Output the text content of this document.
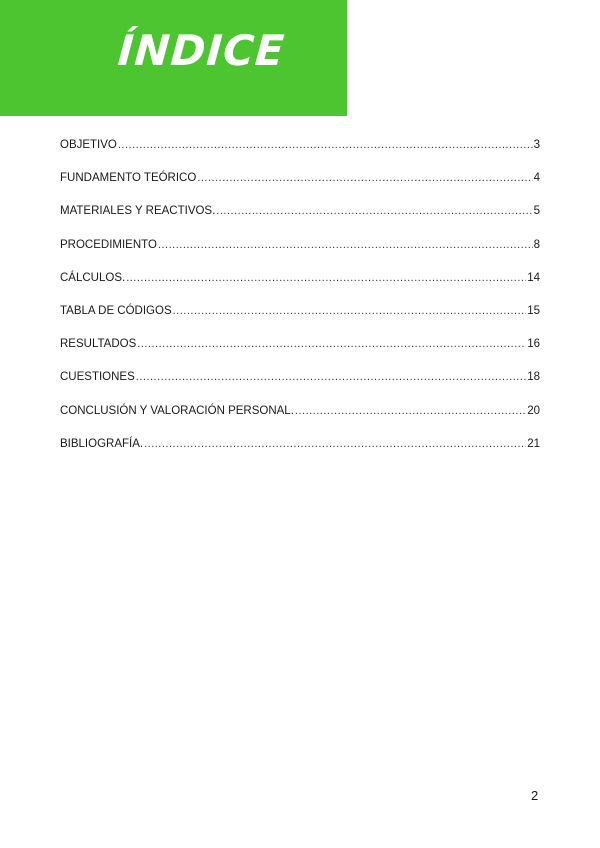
ÍNDICE
OBJETIVO .....	3
FUNDAMENTO TEÓRICO .....	4
MATERIALES Y REACTIVOS. .....	5
PROCEDIMIENTO .....	8
CÁLCULOS. .....	14
TABLA DE CÓDIGOS .....	15
RESULTADOS .....	16
CUESTIONES .....	18
CONCLUSIÓN Y VALORACIÓN PERSONAL. .....	20
BIBLIOGRAFÍA. .....	21
2
